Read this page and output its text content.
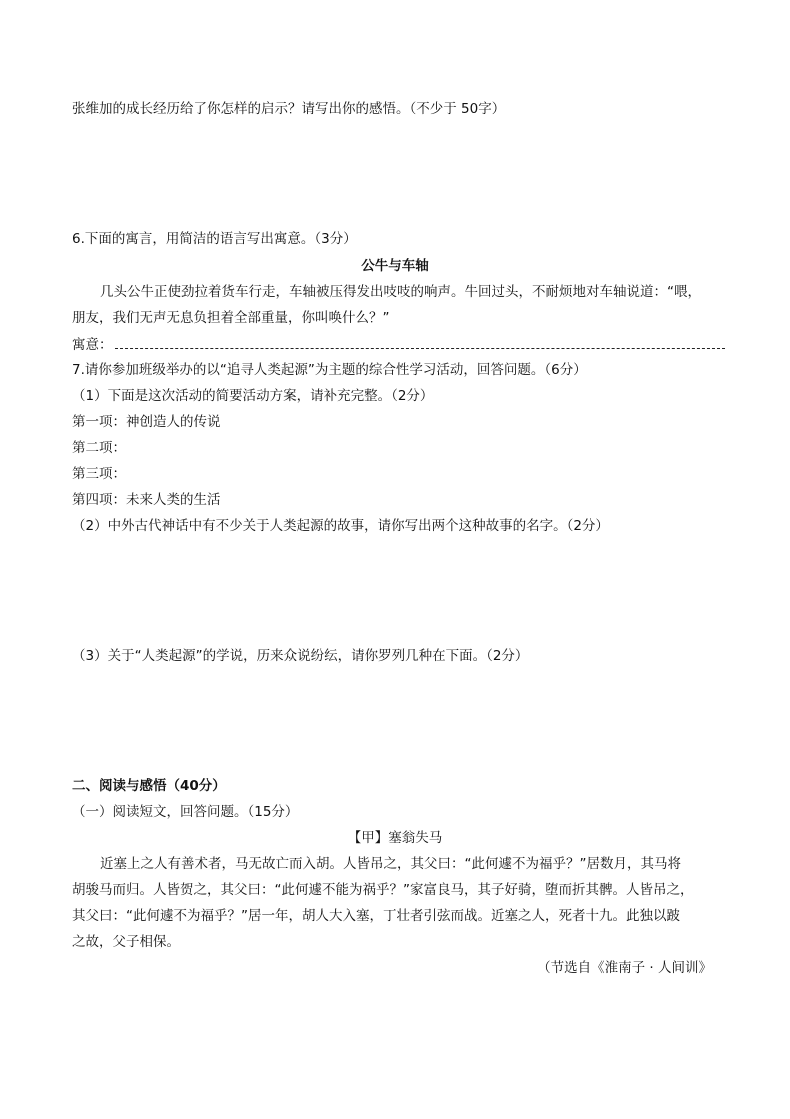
张维加的成长经历给了你怎样的启示？请写出你的感悟。（不少于 50字）
6.下面的寓言，用简洁的语言写出寓意。（3分）
公牛与车轴
几头公牛正使劲拉着货车行走，车轴被压得发出吱吱的响声。牛回过头，不耐烦地对车轴说道：“喂，
朋友，我们无声无息负担着全部重量，你叫唤什么？”
寓意：
7.请你参加班级举办的以“追寻人类起源”为主题的综合性学习活动，回答问题。（6分）
（1）下面是这次活动的简要活动方案，请补充完整。（2分）
第一项：神创造人的传说
第二项：
第三项：
第四项：未来人类的生活
（2）中外古代神话中有不少关于人类起源的故事，请你写出两个这种故事的名字。（2分）
（3）关于“人类起源”的学说，历来众说纷纭，请你罗列几种在下面。（2分）
二、阅读与感悟（40分）
（一）阅读短文，回答问题。（15分）
【甲】塞翁失马
近塞上之人有善术者，马无故亡而入胡。人皆吊之，其父曰：“此何遽不为福乎？”居数月，其马将
胡骏马而归。人皆贺之，其父曰：“此何遽不能为祸乎？”家富良马，其子好骑，堕而折其髀。人皆吊之，
其父曰：“此何遽不为福乎？”居一年，胡人大入塞，丁壮者引弦而战。近塞之人，死者十九。此独以跛
之故，父子相保。
（节选自《淮南子 · 人间训》
